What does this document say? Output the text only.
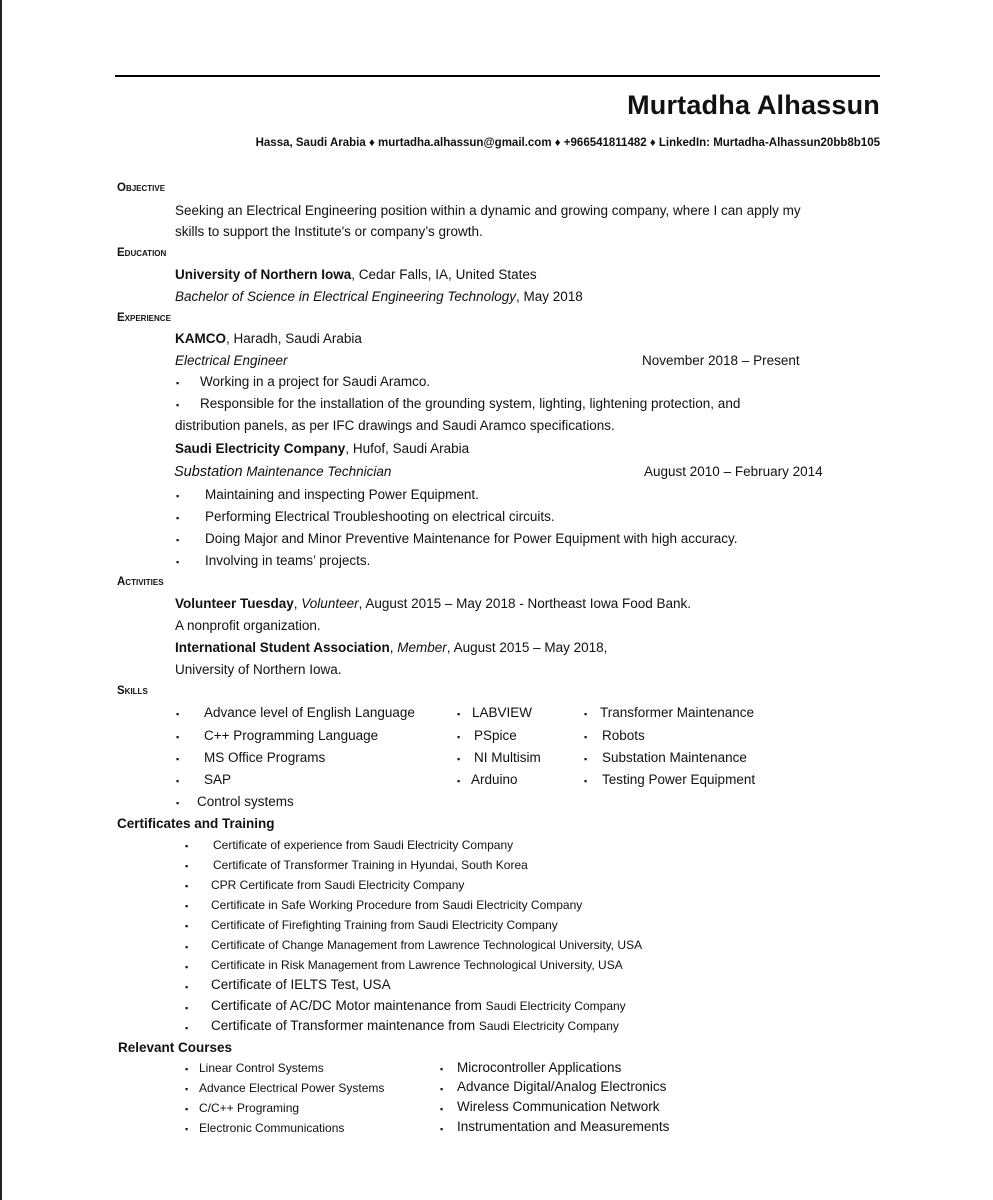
Murtadha Alhassun
Hassa, Saudi Arabia ♦ murtadha.alhassun@gmail.com ♦ +966541811482 ♦ LinkedIn: Murtadha-Alhassun20bb8b105
Objective
Seeking an Electrical Engineering position within a dynamic and growing company, where I can apply my
skills to support the Institute's or company’s growth.
Education
University of Northern Iowa, Cedar Falls, IA, United States
Bachelor of Science in Electrical Engineering Technology, May 2018
Experience
KAMCO, Haradh, Saudi Arabia
Electrical Engineer	November 2018 – Present
▪ Working in a project for Saudi Aramco.
▪ Responsible for the installation of the grounding system, lighting, lightening protection, and
distribution panels, as per IFC drawings and Saudi Aramco specifications.
Saudi Electricity Company, Hufof, Saudi Arabia
Substation Maintenance Technician	August 2010 – February 2014
▪ Maintaining and inspecting Power Equipment.
▪ Performing Electrical Troubleshooting on electrical circuits.
▪ Doing Major and Minor Preventive Maintenance for Power Equipment with high accuracy.
▪ Involving in teams’ projects.
Activities
Volunteer Tuesday, Volunteer, August 2015 – May 2018 - Northeast Iowa Food Bank.
A nonprofit organization.
International Student Association, Member, August 2015 – May 2018,
University of Northern Iowa.
Skills
▪ Advance level of English Language
▪ C++ Programming Language
▪ MS Office Programs
▪ SAP
▪ Control systems
▪ LABVIEW
▪ PSpice
▪ NI Multisim
▪ Arduino
▪ Transformer Maintenance
▪ Robots
▪ Substation Maintenance
▪ Testing Power Equipment
Certificates and Training
▪ Certificate of experience from Saudi Electricity Company
▪ Certificate of Transformer Training in Hyundai, South Korea
▪ CPR Certificate from Saudi Electricity Company
▪ Certificate in Safe Working Procedure from Saudi Electricity Company
▪ Certificate of Firefighting Training from Saudi Electricity Company
▪ Certificate of Change Management from Lawrence Technological University, USA
▪ Certificate in Risk Management from Lawrence Technological University, USA
▪ Certificate of IELTS Test, USA
▪ Certificate of AC/DC Motor maintenance from Saudi Electricity Company
▪ Certificate of Transformer maintenance from Saudi Electricity Company
Relevant Courses
▪ Linear Control Systems
▪ Advance Electrical Power Systems
▪ C/C++ Programing
▪ Electronic Communications
▪ Microcontroller Applications
▪ Advance Digital/Analog Electronics
▪ Wireless Communication Network
▪ Instrumentation and Measurements
